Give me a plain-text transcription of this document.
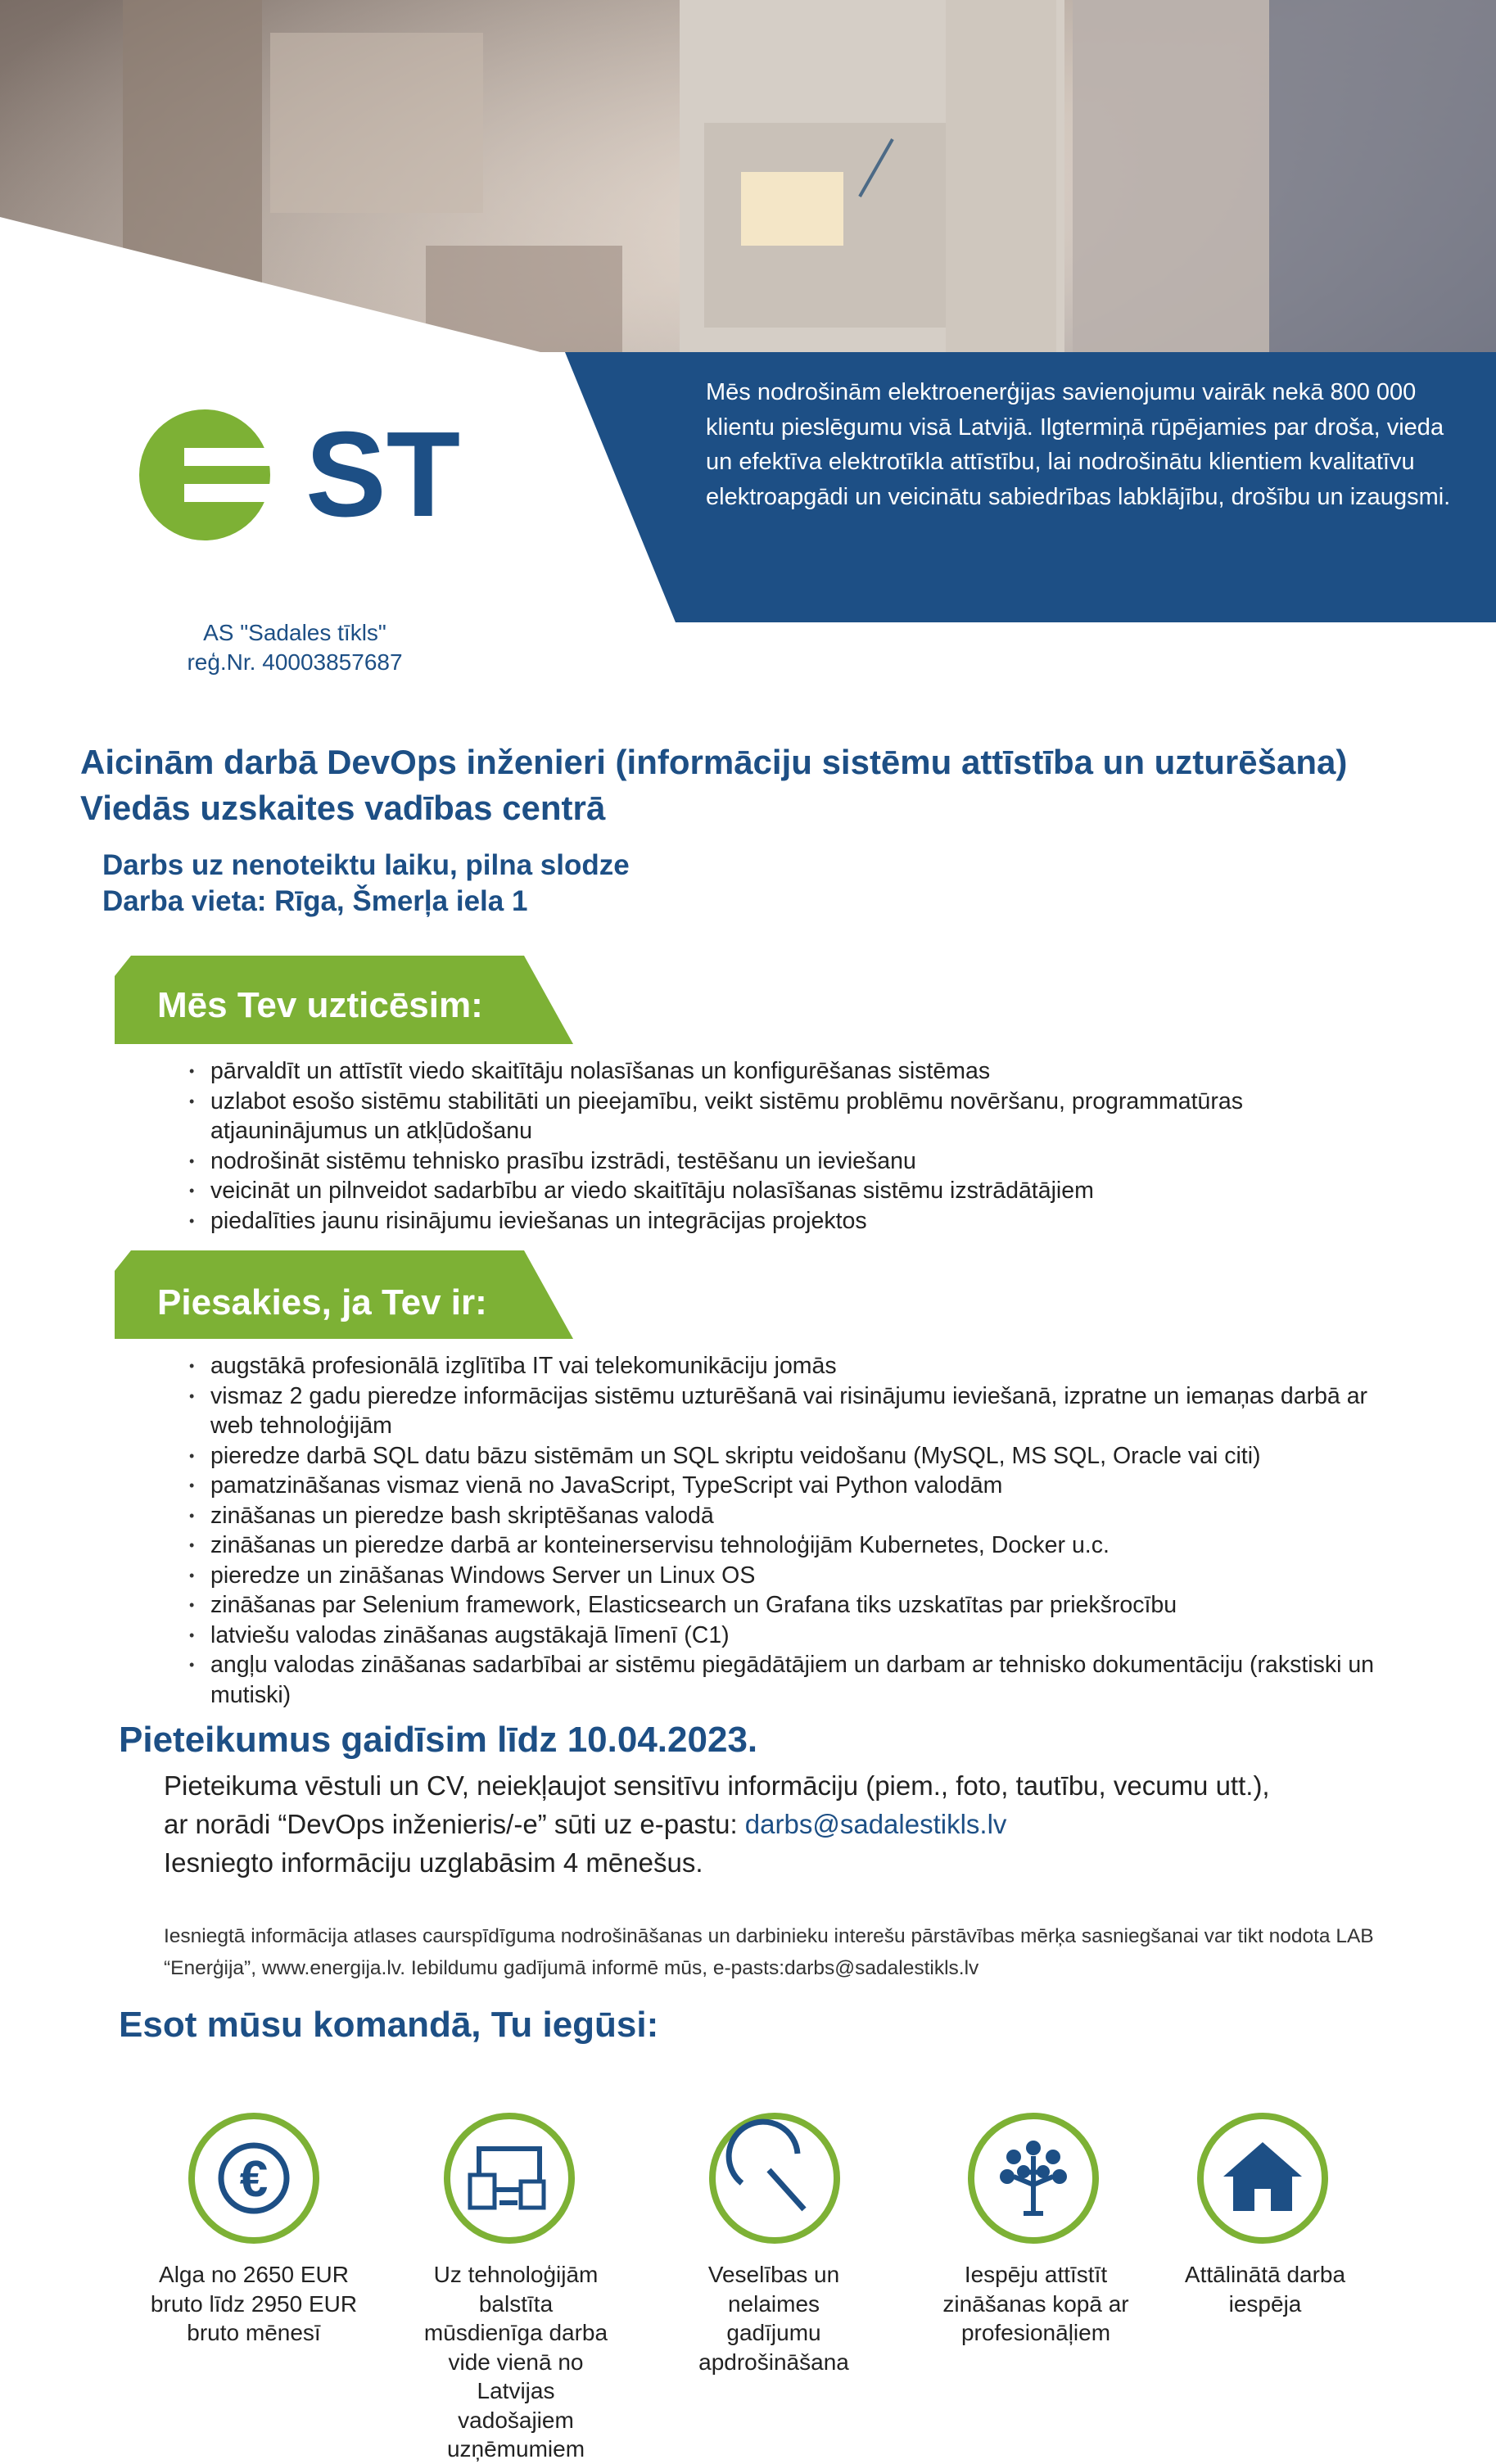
Mēs nodrošinām elektroenerģijas savienojumu vairāk nekā 800 000 klientu pieslēgumu visā Latvijā. Ilgtermiņā rūpējamies par droša, vieda un efektīva elektrotīkla attīstību, lai nodrošinātu klientiem kvalitatīvu elektroapgādi un veicinātu sabiedrības labklājību, drošību un izaugsmi.
ST
AS "Sadales tīkls"
reģ.Nr. 40003857687
Aicinām darbā DevOps inženieri (informāciju sistēmu attīstība un uzturēšana)
Viedās uzskaites vadības centrā
Darbs uz nenoteiktu laiku, pilna slodze
Darba vieta: Rīga, Šmerļa iela 1
Mēs Tev uzticēsim:
• pārvaldīt un attīstīt viedo skaitītāju nolasīšanas un konfigurēšanas sistēmas
• uzlabot esošo sistēmu stabilitāti un pieejamību, veikt sistēmu problēmu novēršanu, programmatūras atjauninājumus un atkļūdošanu
• nodrošināt sistēmu tehnisko prasību izstrādi, testēšanu un ieviešanu
• veicināt un pilnveidot sadarbību ar viedo skaitītāju nolasīšanas sistēmu izstrādātājiem
• piedalīties jaunu risinājumu ieviešanas un integrācijas projektos
Piesakies, ja Tev ir:
• augstākā profesionālā izglītība IT vai telekomunikāciju jomās
• vismaz 2 gadu pieredze informācijas sistēmu uzturēšanā vai risinājumu ieviešanā, izpratne un iemaņas darbā ar web tehnoloģijām
• pieredze darbā SQL datu bāzu sistēmām un SQL skriptu veidošanu (MySQL, MS SQL, Oracle vai citi)
• pamatzināšanas vismaz vienā no JavaScript, TypeScript vai Python valodām
• zināšanas un pieredze bash skriptēšanas valodā
• zināšanas un pieredze darbā ar konteinerservisu tehnoloģijām Kubernetes, Docker u.c.
• pieredze un zināšanas Windows Server un Linux OS
• zināšanas par Selenium framework, Elasticsearch un Grafana tiks uzskatītas par priekšrocību
• latviešu valodas zināšanas augstākajā līmenī (C1)
• angļu valodas zināšanas sadarbībai ar sistēmu piegādātājiem un darbam ar tehnisko dokumentāciju (rakstiski un mutiski)
Pieteikumus gaidīsim līdz 10.04.2023.
Pieteikuma vēstuli un CV, neiekļaujot sensitīvu informāciju (piem., foto, tautību, vecumu utt.),
ar norādi “DevOps inženieris/-e” sūti uz e-pastu: darbs@sadalestikls.lv
Iesniegto informāciju uzglabāsim 4 mēnešus.
Iesniegtā informācija atlases caurspīdīguma nodrošināšanas un darbinieku interešu pārstāvības mērķa sasniegšanai var tikt nodota LAB “Enerģija”, www.energija.lv. Iebildumu gadījumā informē mūs, e-pasts:darbs@sadalestikls.lv
Esot mūsu komandā, Tu iegūsi:
€
Alga no 2650 EUR bruto līdz 2950 EUR bruto mēnesī
Uz tehnoloģijām balstīta mūsdienīga darba vide vienā no Latvijas vadošajiem uzņēmumiem
Veselības un nelaimes gadījumu apdrošināšana
Iespēju attīstīt zināšanas kopā ar profesionāļiem
Attālinātā darba iespēja
